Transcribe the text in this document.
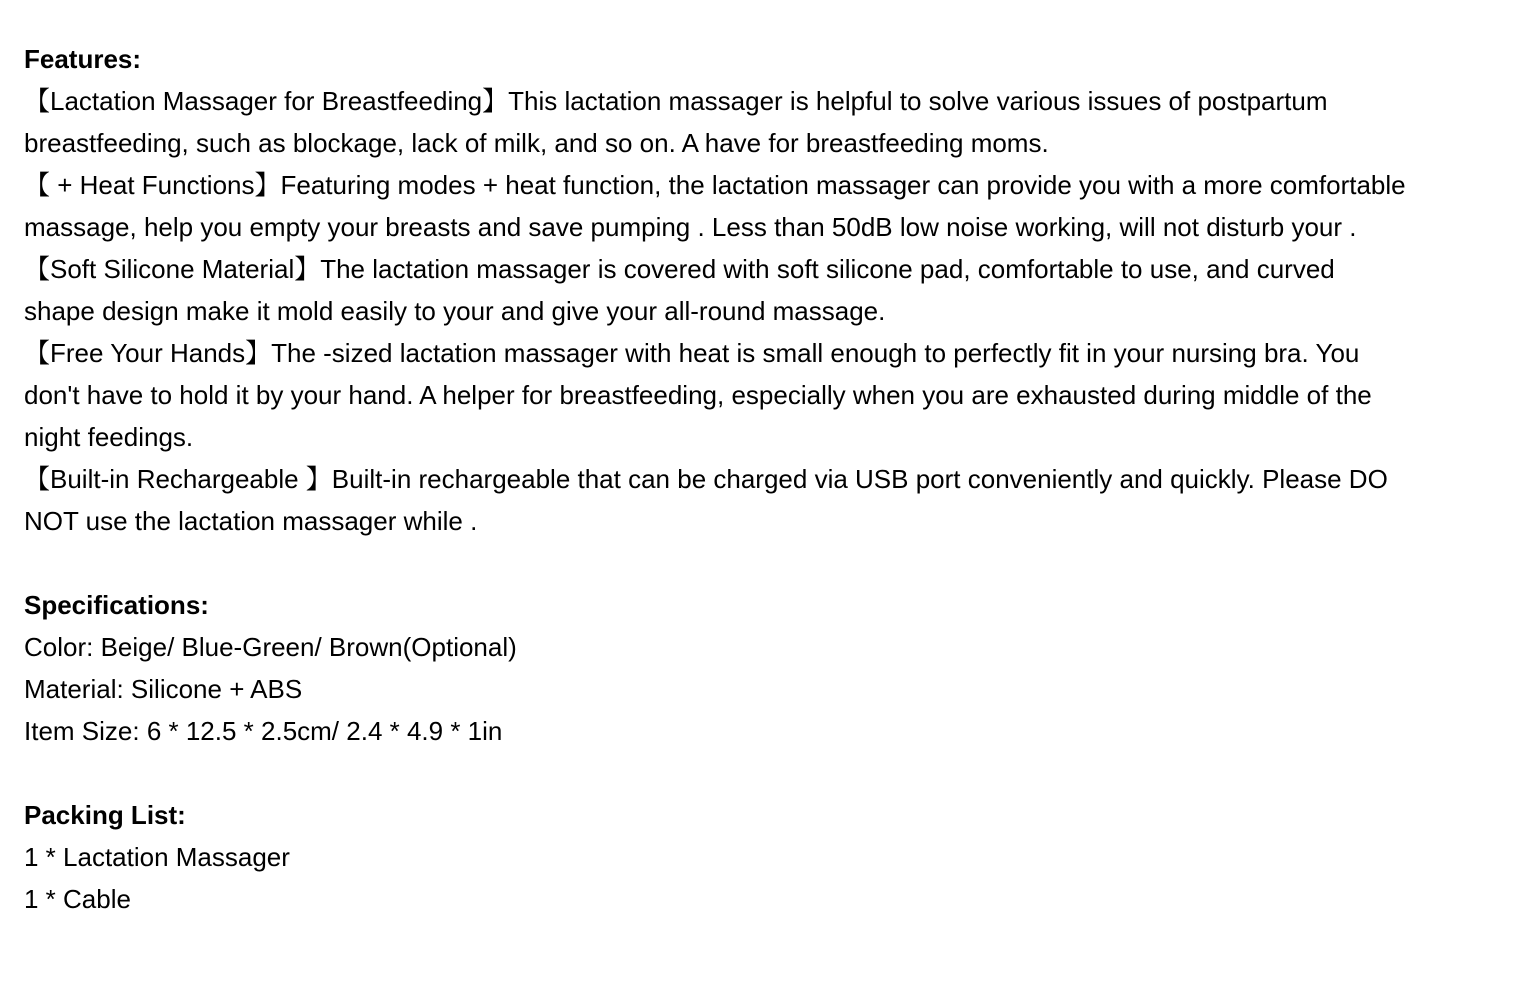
Features:

【Lactation Massager for Breastfeeding】This lactation massager is helpful to solve various issues of postpartum

breastfeeding, such as blockage, lack of milk, and so on. A have for breastfeeding moms.

【 + Heat Functions】Featuring modes + heat function, the lactation massager can provide you with a more comfortable

massage, help you empty your breasts and save pumping . Less than 50dB low noise working, will not disturb your .

【Soft Silicone Material】The lactation massager is covered with soft silicone pad, comfortable to use, and curved

shape design make it mold easily to your and give your all-round massage.

【Free Your Hands】The -sized lactation massager with heat is small enough to perfectly fit in your nursing bra. You

don't have to hold it by your hand. A helper for breastfeeding, especially when you are exhausted during middle of the

night feedings.

【Built-in Rechargeable 】Built-in rechargeable that can be charged via USB port conveniently and quickly. Please DO

NOT use the lactation massager while .

Specifications:

Color: Beige/ Blue-Green/ Brown(Optional)

Material: Silicone + ABS

Item Size: 6 * 12.5 * 2.5cm/ 2.4 * 4.9 * 1in

Packing List:

1 * Lactation Massager

1 * Cable
